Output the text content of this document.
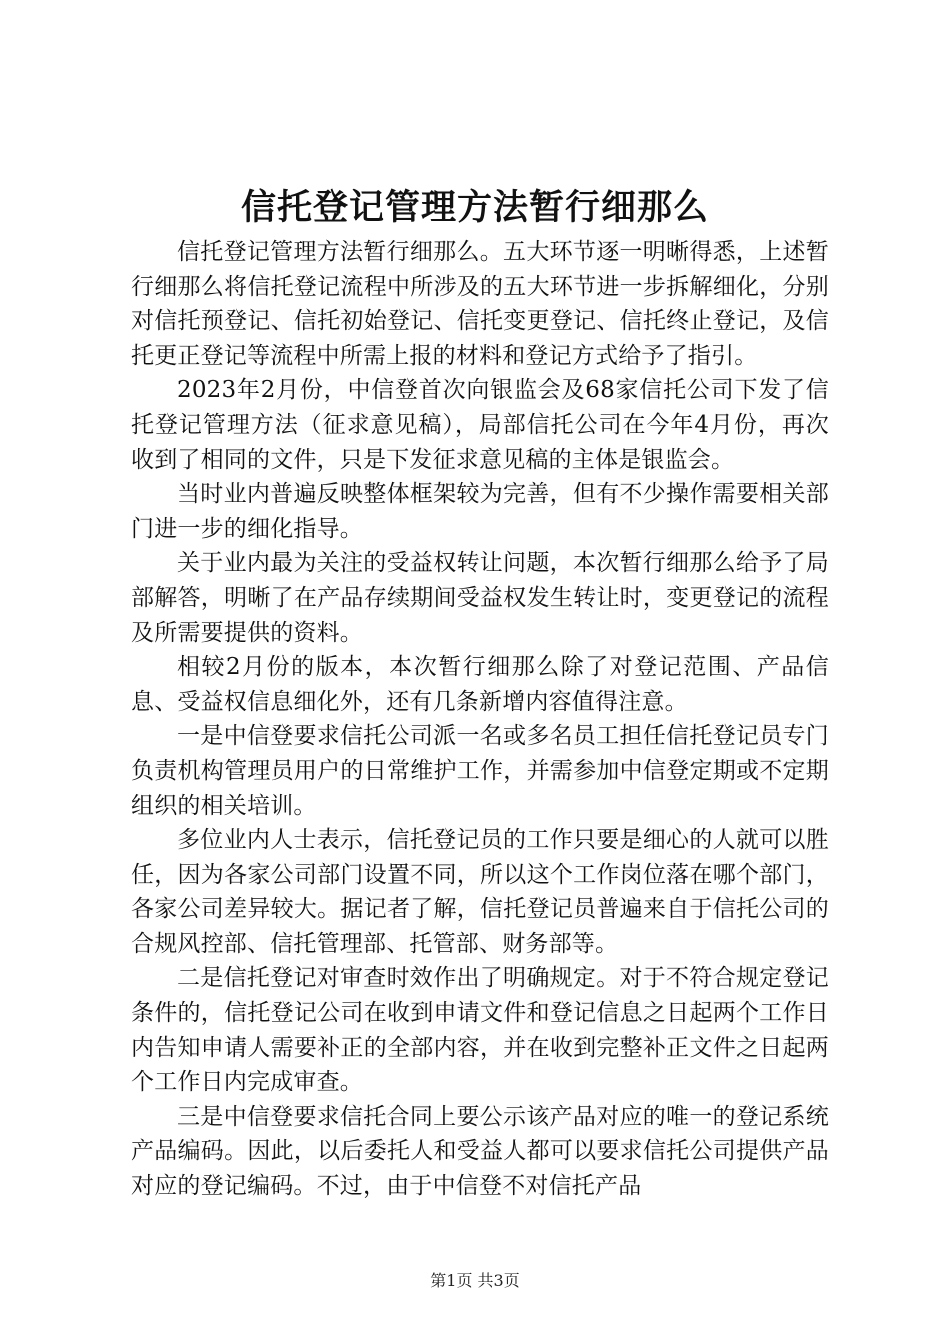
信托登记管理方法暂行细那么

信托登记管理方法暂行细那么。五大环节逐一明晰得悉，上述暂行细那么将信托登记流程中所涉及的五大环节进一步拆解细化，分别对信托预登记、信托初始登记、信托变更登记、信托终止登记，及信托更正登记等流程中所需上报的材料和登记方式给予了指引。

2023年2月份，中信登首次向银监会及68家信托公司下发了信托登记管理方法（征求意见稿），局部信托公司在今年4月份，再次收到了相同的文件，只是下发征求意见稿的主体是银监会。

当时业内普遍反映整体框架较为完善，但有不少操作需要相关部门进一步的细化指导。

关于业内最为关注的受益权转让问题，本次暂行细那么给予了局部解答，明晰了在产品存续期间受益权发生转让时，变更登记的流程及所需要提供的资料。

相较2月份的版本，本次暂行细那么除了对登记范围、产品信息、受益权信息细化外，还有几条新增内容值得注意。

一是中信登要求信托公司派一名或多名员工担任信托登记员专门负责机构管理员用户的日常维护工作，并需参加中信登定期或不定期组织的相关培训。

多位业内人士表示，信托登记员的工作只要是细心的人就可以胜任，因为各家公司部门设置不同，所以这个工作岗位落在哪个部门，各家公司差异较大。据记者了解，信托登记员普遍来自于信托公司的合规风控部、信托管理部、托管部、财务部等。

二是信托登记对审查时效作出了明确规定。对于不符合规定登记条件的，信托登记公司在收到申请文件和登记信息之日起两个工作日内告知申请人需要补正的全部内容，并在收到完整补正文件之日起两个工作日内完成审查。

三是中信登要求信托合同上要公示该产品对应的唯一的登记系统产品编码。因此，以后委托人和受益人都可以要求信托公司提供产品对应的登记编码。不过，由于中信登不对信托产品

第1页 共3页
